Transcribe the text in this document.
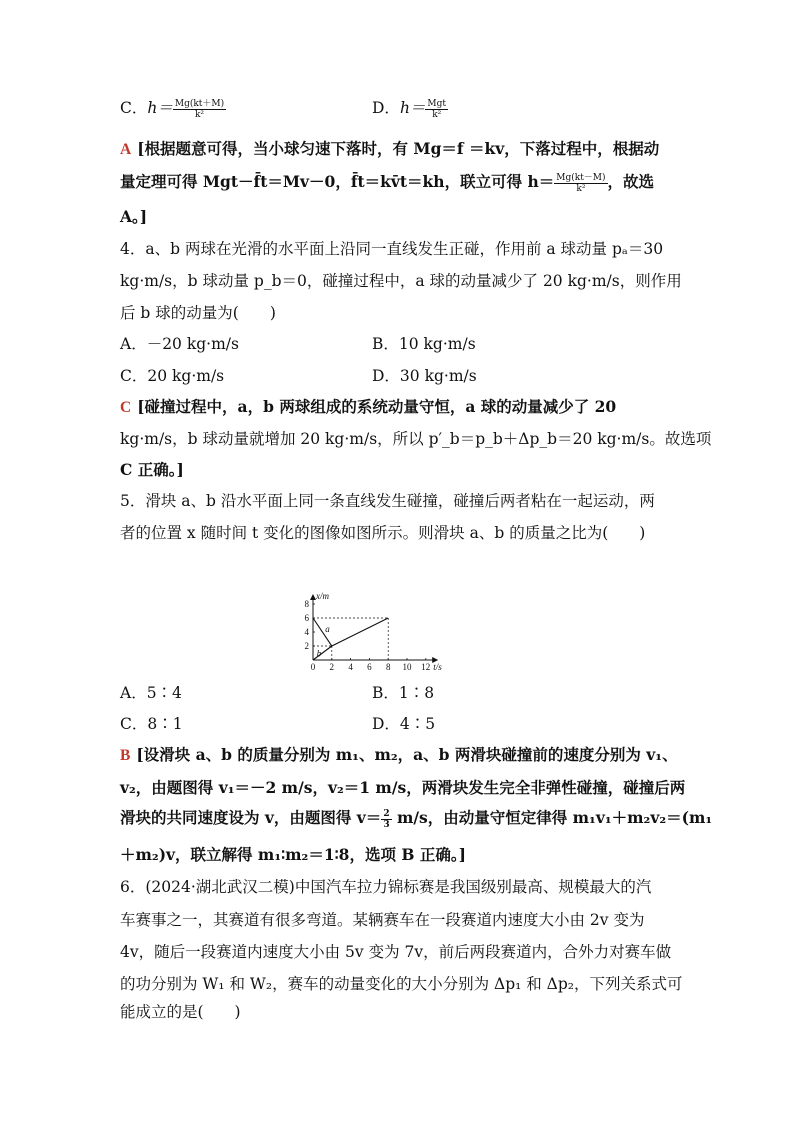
C．$h= \frac{Mg(kt+M)}{\text{k²}}$	D．$h= \frac{\text{Mgt}}{\text{k²}}$
A [根据题意可得，当小球匀速下落时，有 Mg＝f ＝kv，下落过程中，根据动
量定理可得 Mgt－f̄t＝Mv－0，f̄t＝kv̄t＝kh，联立可得 $h= \frac{Mg(kt-M)}{\text{k²}}$ ，故选
A。]
4．a、b 两球在光滑的水平面上沿同一直线发生正碰，作用前 a 球动量 pₐ＝30
kg·m/s，b 球动量 p_b＝0，碰撞过程中，a 球的动量减少了 20 kg·m/s，则作用
后 b 球的动量为(　　)
A．－20 kg·m/s	B．10 kg·m/s
C．20 kg·m/s	D．30 kg·m/s
C [碰撞过程中，a，b 两球组成的系统动量守恒，a 球的动量减少了 20
kg·m/s，b 球动量就增加 20 kg·m/s，所以 p′_b＝p_b＋Δp_b＝20 kg·m/s。故选项
C 正确。]
5．滑块 a、b 沿水平面上同一条直线发生碰撞，碰撞后两者粘在一起运动，两
者的位置 x 随时间 t 变化的图像如图所示。则滑块 a、b 的质量之比为(　　)
0 2 4 6 8 10 12
2
4
6
8
t/s
x/m
a
b
A．5∶4	B．1∶8
C．8∶1	D．4∶5
B [设滑块 a、b 的质量分别为 m₁、m₂，a、b 两滑块碰撞前的速度分别为 v₁、
v₂，由题图得 v₁＝－2 m/s，v₂＝1 m/s，两滑块发生完全非弹性碰撞，碰撞后两
滑块的共同速度设为 v，由题图得 $v= \frac{2}{3} m/s$，由动量守恒定律得 m₁v₁＋m₂v₂＝(m₁
＋m₂)v，联立解得 m₁∶m₂＝1∶8，选项 B 正确。]
6．(2024·湖北武汉二模)中国汽车拉力锦标赛是我国级别最高、规模最大的汽
车赛事之一，其赛道有很多弯道。某辆赛车在一段赛道内速度大小由 2v 变为
4v，随后一段赛道内速度大小由 5v 变为 7v，前后两段赛道内，合外力对赛车做
的功分别为 W₁ 和 W₂，赛车的动量变化的大小分别为 Δp₁ 和 Δp₂，下列关系式可
能成立的是(　　)
